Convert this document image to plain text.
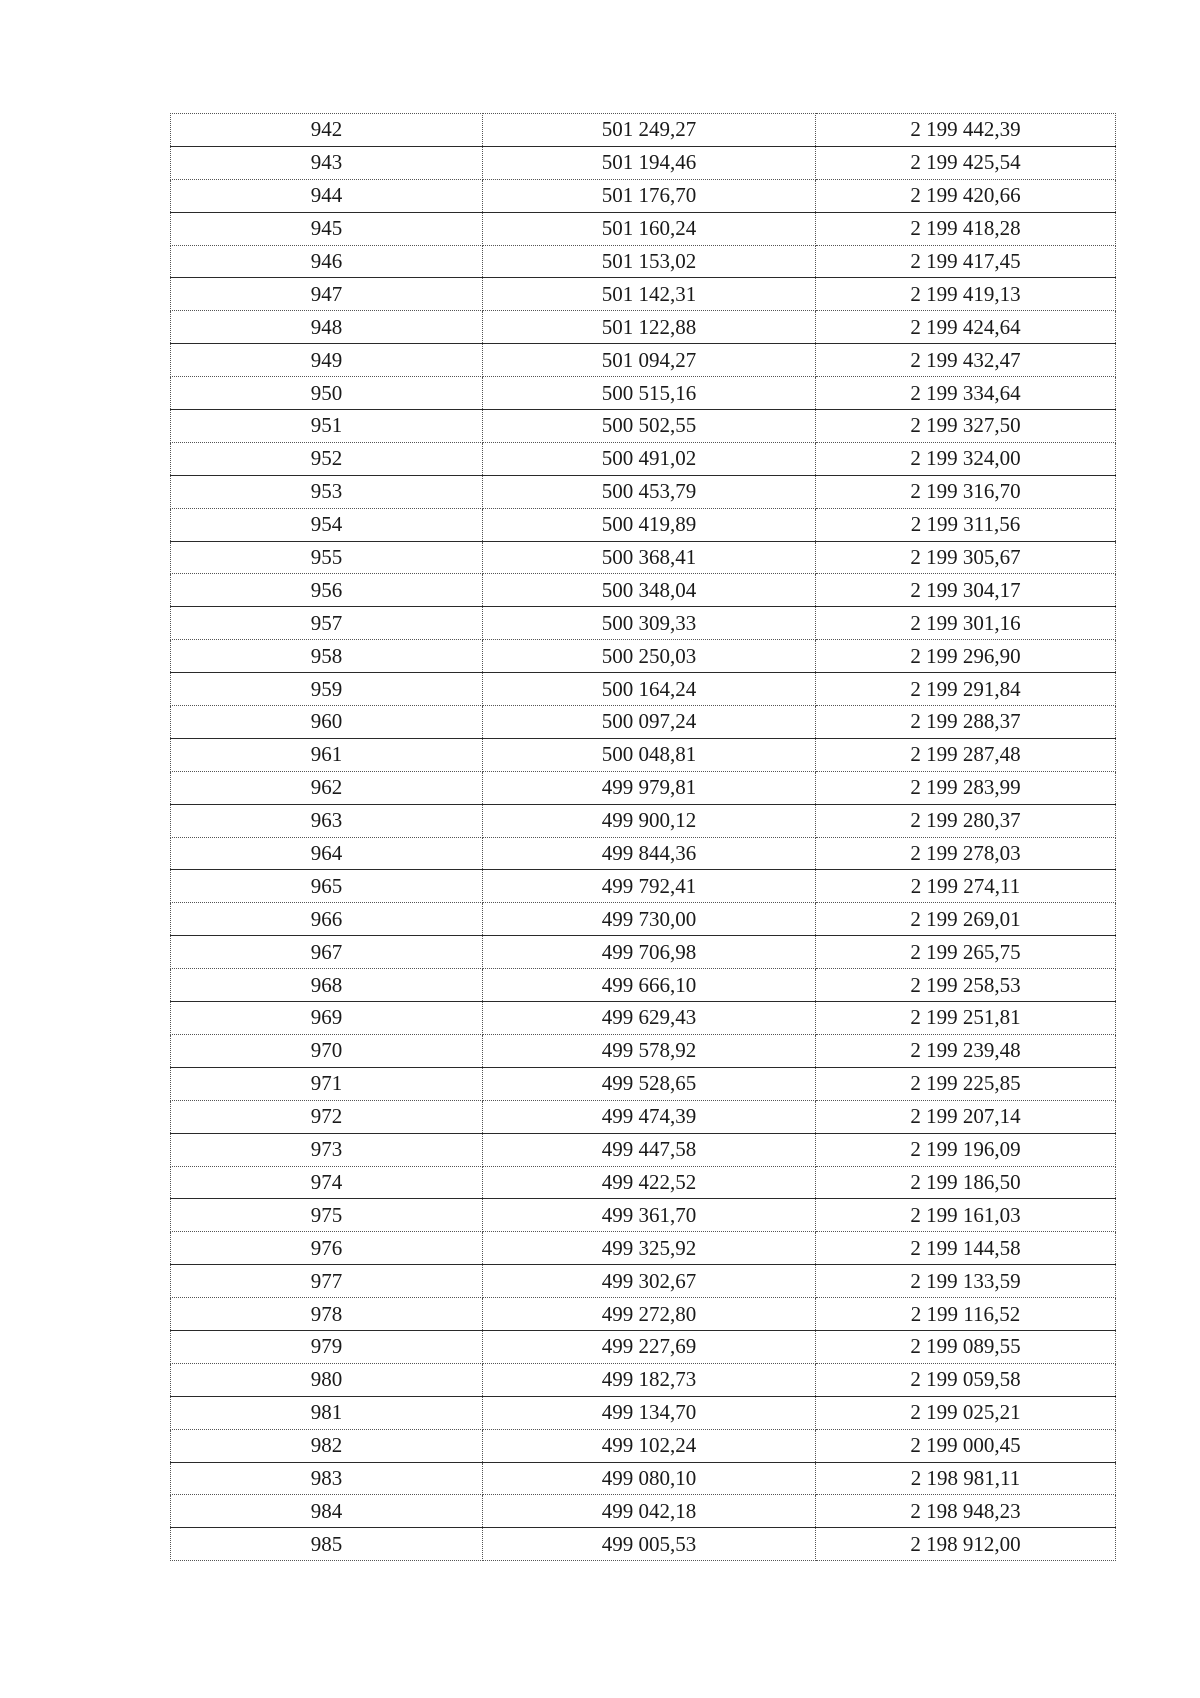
942	501 249,27	2 199 442,39
943	501 194,46	2 199 425,54
944	501 176,70	2 199 420,66
945	501 160,24	2 199 418,28
946	501 153,02	2 199 417,45
947	501 142,31	2 199 419,13
948	501 122,88	2 199 424,64
949	501 094,27	2 199 432,47
950	500 515,16	2 199 334,64
951	500 502,55	2 199 327,50
952	500 491,02	2 199 324,00
953	500 453,79	2 199 316,70
954	500 419,89	2 199 311,56
955	500 368,41	2 199 305,67
956	500 348,04	2 199 304,17
957	500 309,33	2 199 301,16
958	500 250,03	2 199 296,90
959	500 164,24	2 199 291,84
960	500 097,24	2 199 288,37
961	500 048,81	2 199 287,48
962	499 979,81	2 199 283,99
963	499 900,12	2 199 280,37
964	499 844,36	2 199 278,03
965	499 792,41	2 199 274,11
966	499 730,00	2 199 269,01
967	499 706,98	2 199 265,75
968	499 666,10	2 199 258,53
969	499 629,43	2 199 251,81
970	499 578,92	2 199 239,48
971	499 528,65	2 199 225,85
972	499 474,39	2 199 207,14
973	499 447,58	2 199 196,09
974	499 422,52	2 199 186,50
975	499 361,70	2 199 161,03
976	499 325,92	2 199 144,58
977	499 302,67	2 199 133,59
978	499 272,80	2 199 116,52
979	499 227,69	2 199 089,55
980	499 182,73	2 199 059,58
981	499 134,70	2 199 025,21
982	499 102,24	2 199 000,45
983	499 080,10	2 198 981,11
984	499 042,18	2 198 948,23
985	499 005,53	2 198 912,00
